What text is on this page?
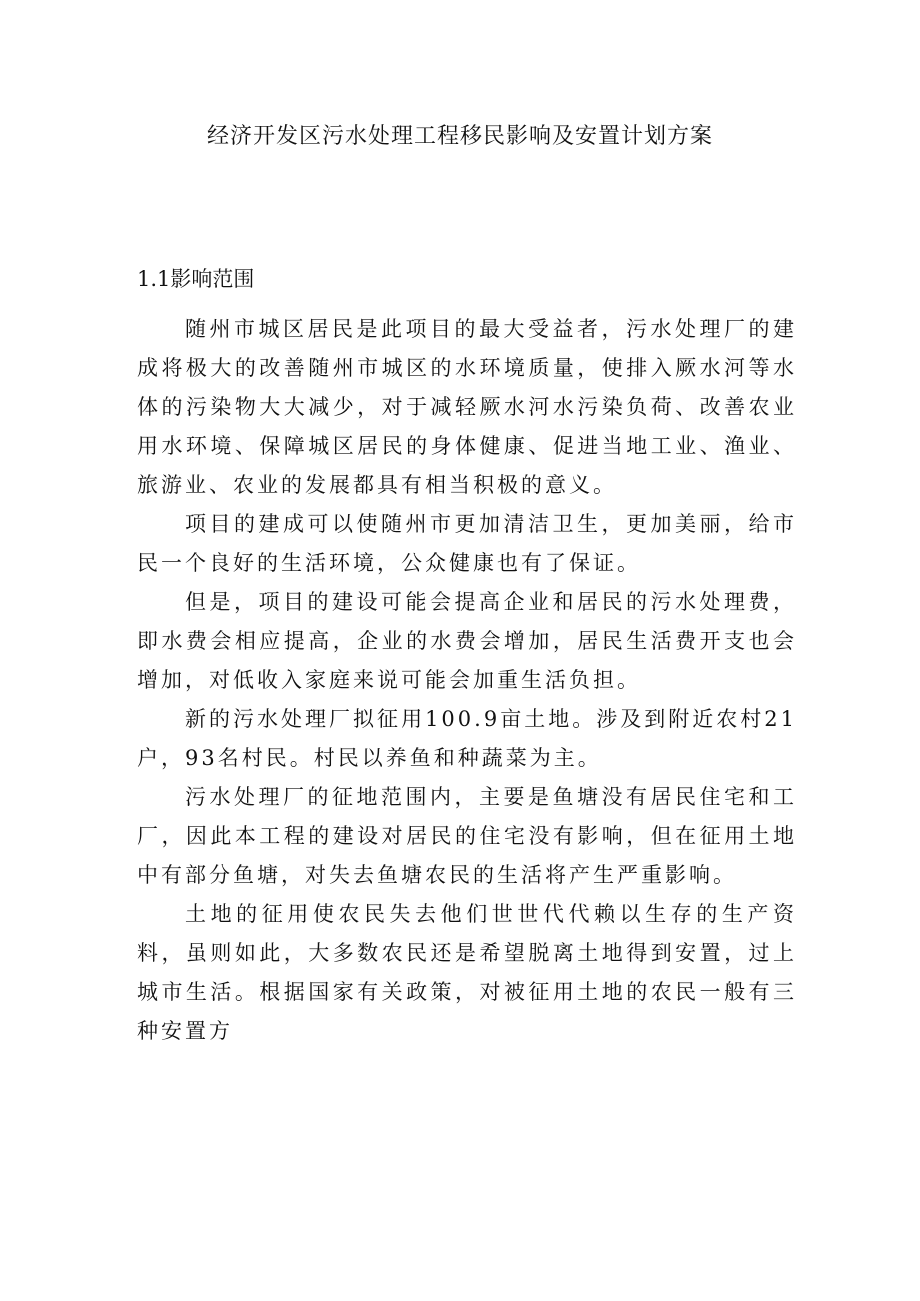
经济开发区污水处理工程移民影响及安置计划方案
1.1影响范围

随州市城区居民是此项目的最大受益者，污水处理厂的建成将极大的改善随州市城区的水环境质量，使排入厥水河等水体的污染物大大减少，对于减轻厥水河水污染负荷、改善农业用水环境、保障城区居民的身体健康、促进当地工业、渔业、旅游业、农业的发展都具有相当积极的意义。

项目的建成可以使随州市更加清洁卫生，更加美丽，给市民一个良好的生活环境，公众健康也有了保证。

但是，项目的建设可能会提高企业和居民的污水处理费，即水费会相应提高，企业的水费会增加，居民生活费开支也会增加，对低收入家庭来说可能会加重生活负担。

新的污水处理厂拟征用100.9亩土地。涉及到附近农村21户，93名村民。村民以养鱼和种蔬菜为主。

污水处理厂的征地范围内，主要是鱼塘没有居民住宅和工厂，因此本工程的建设对居民的住宅没有影响，但在征用土地中有部分鱼塘，对失去鱼塘农民的生活将产生严重影响。

土地的征用使农民失去他们世世代代赖以生存的生产资料，虽则如此，大多数农民还是希望脱离土地得到安置，过上城市生活。根据国家有关政策，对被征用土地的农民一般有三种安置方
